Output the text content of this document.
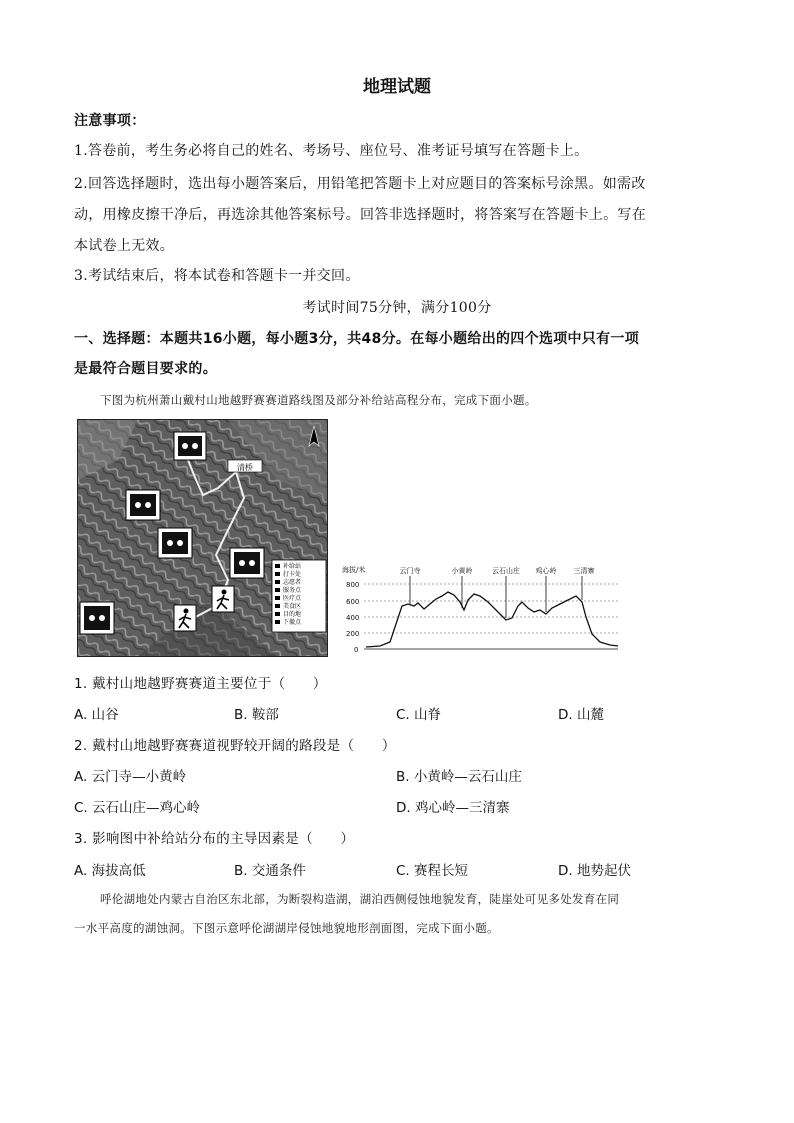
地理试题
注意事项：
1.答卷前，考生务必将自己的姓名、考场号、座位号、准考证号填写在答题卡上。
2.回答选择题时，选出每小题答案后，用铅笔把答题卡上对应题目的答案标号涂黑。如需改
动，用橡皮擦干净后，再选涂其他答案标号。回答非选择题时，将答案写在答题卡上。写在
本试卷上无效。
3.考试结束后，将本试卷和答题卡一并交回。
考试时间75分钟，满分100分
一、选择题：本题共16小题，每小题3分，共48分。在每小题给出的四个选项中只有一项
是最符合题目要求的。
下图为杭州萧山戴村山地越野赛赛道路线图及部分补给站高程分布，完成下面小题。
清桥
补给站
打卡处
志愿者
服务点
医疗点
美食区
目的地
下撤点
海拔/米
800
600
400
200
0
云门寺	小黄岭	云石山庄 鸡心岭 三清寨
1. 戴村山地越野赛赛道主要位于（　　）
A. 山谷	B. 鞍部	C. 山脊	D. 山麓
2. 戴村山地越野赛赛道视野较开阔的路段是（　　）
A. 云门寺—小黄岭	B. 小黄岭—云石山庄
C. 云石山庄—鸡心岭	D. 鸡心岭—三清寨
3. 影响图中补给站分布的主导因素是（　　）
A. 海拔高低	B. 交通条件	C. 赛程长短	D. 地势起伏
呼伦湖地处内蒙古自治区东北部，为断裂构造湖，湖泊西侧侵蚀地貌发育，陡崖处可见多处发育在同
一水平高度的湖蚀洞。下图示意呼伦湖湖岸侵蚀地貌地形剖面图，完成下面小题。
